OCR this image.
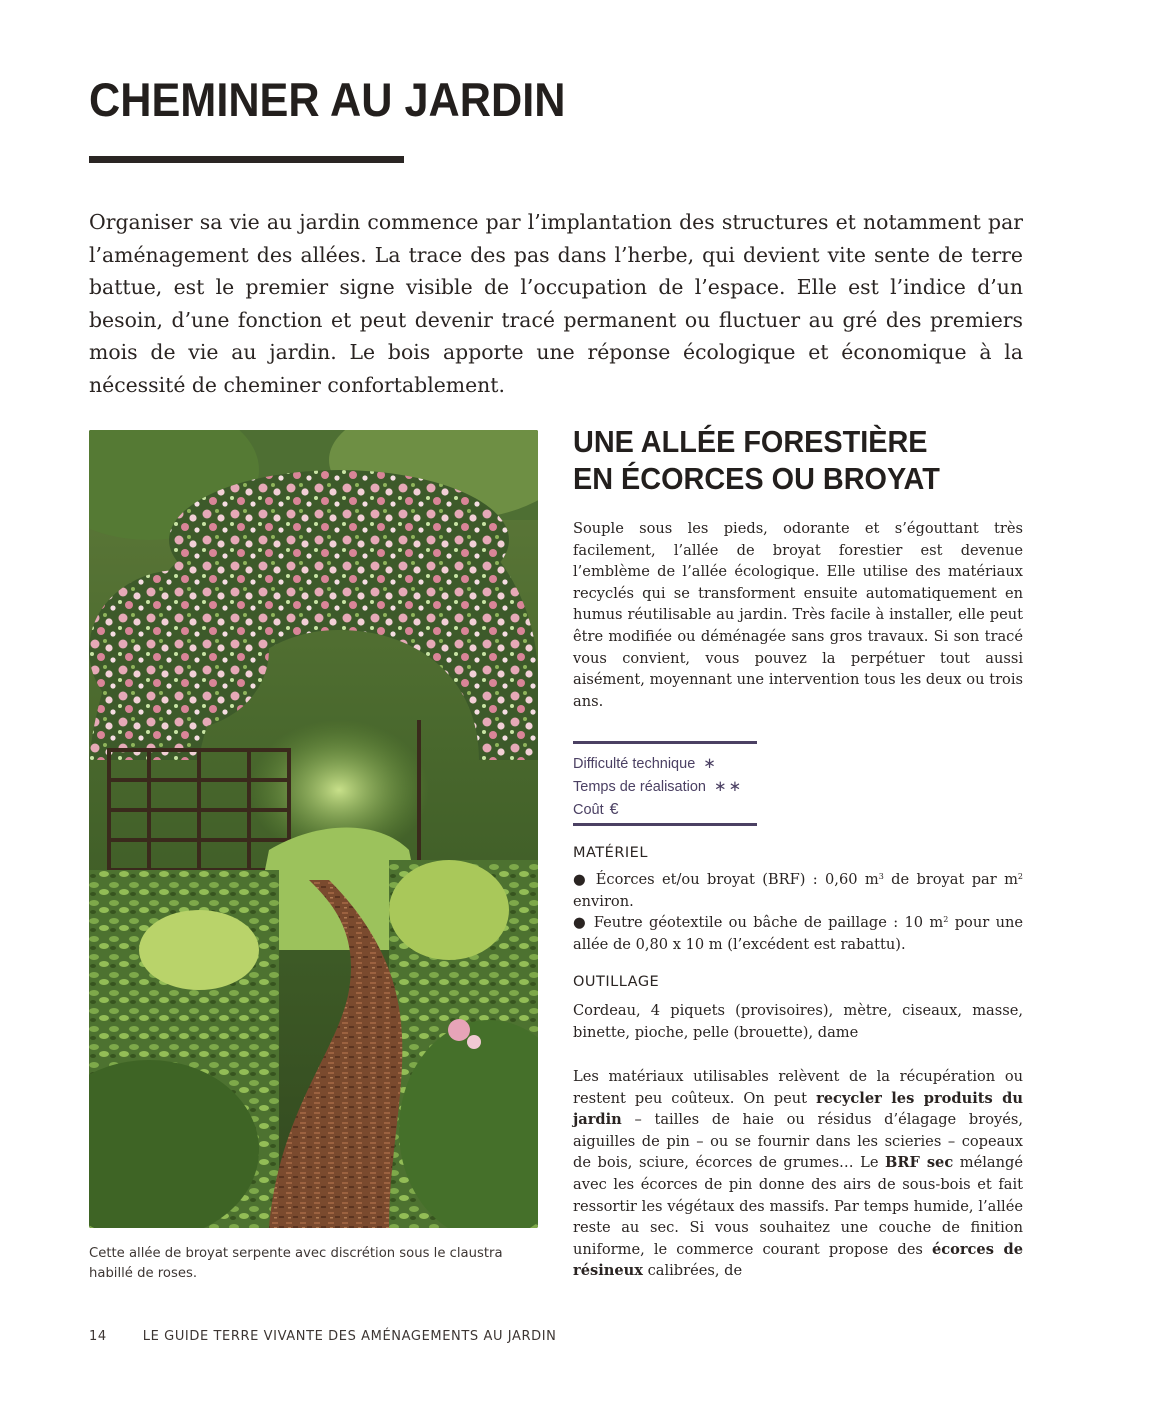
CHEMINER AU JARDIN

Organiser sa vie au jardin commence par l’implantation des structures et notamment par l’aménagement des allées. La trace des pas dans l’herbe, qui devient vite sente de terre battue, est le premier signe visible de l’occupation de l’espace. Elle est l’indice d’un besoin, d’une fonction et peut devenir tracé permanent ou fluctuer au gré des premiers mois de vie au jardin. Le bois apporte une réponse écologique et économique à la nécessité de cheminer confortablement.

Cette allée de broyat serpente avec discrétion sous le claustra habillé de roses.

UNE ALLÉE FORESTIÈRE
EN ÉCORCES OU BROYAT

Souple sous les pieds, odorante et s’égouttant très facilement, l’allée de broyat forestier est devenue l’emblème de l’allée écologique. Elle utilise des matériaux recyclés qui se transforment ensuite automatiquement en humus réutilisable au jardin. Très facile à installer, elle peut être modifiée ou déménagée sans gros travaux. Si son tracé vous convient, vous pouvez la perpétuer tout aussi aisément, moyennant une intervention tous les deux ou trois ans.

Difficulté technique ∗
Temps de réalisation ∗∗
Coût €

MATÉRIEL

● Écorces et/ou broyat (BRF) : 0,60 $m^3$ de broyat par $m^2$ environ.
● Feutre géotextile ou bâche de paillage : 10 $m^2$ pour une allée de 0,80 x 10 m (l’excédent est rabattu).

OUTILLAGE

Cordeau, 4 piquets (provisoires), mètre, ciseaux, masse, binette, pioche, pelle (brouette), dame

Les matériaux utilisables relèvent de la récupération ou restent peu coûteux. On peut recycler les produits du jardin – tailles de haie ou résidus d’élagage broyés, aiguilles de pin – ou se fournir dans les scieries – copeaux de bois, sciure, écorces de grumes… Le BRF sec mélangé avec les écorces de pin donne des airs de sous-bois et fait ressortir les végétaux des massifs. Par temps humide, l’allée reste au sec. Si vous souhaitez une couche de finition uniforme, le commerce courant propose des écorces de résineux calibrées, de

14	LE GUIDE TERRE VIVANTE DES AMÉNAGEMENTS AU JARDIN
